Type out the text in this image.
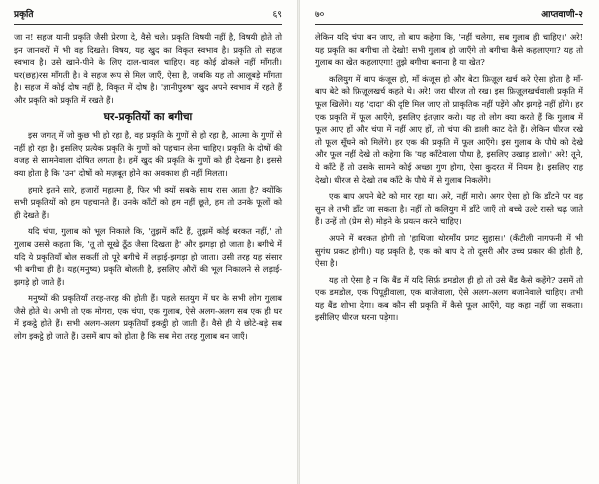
प्रकृति	६९

जा न! सहज यानी प्रकृति जैसी प्रेरणा दे, वैसे चले। प्रकृति विषयी नहीं है, विषयी होते तो इन जानवरों में भी वह दिखते। विषय, यह खुद का विकृत स्वभाव है। प्रकृति तो सहज स्वभाव है। उसे खाने-पीने के लिए दाल-चावल चाहिए। वह कोई ढोकले नहीं माँगती। घर(छह)रस माँगती है। वे सहज रूप से मिल जाएँ, ऐसा है, जबकि यह तो आलूबड़े माँगता है। सहज में कोई दोष नहीं है, विकृत में दोष है। 'ज्ञानीपुरुष' खुद अपने स्वभाव में रहते हैं और प्रकृति को प्रकृति में रखते हैं।

घर-प्रकृतियों का बगीचा

इस जगत् में जो कुछ भी हो रहा है, वह प्रकृति के गुणों से हो रहा है, आत्मा के गुणों से नहीं हो रहा है। इसलिए प्रत्येक प्रकृति के गुणों को पहचान लेना चाहिए। प्रकृति के दोषों की वजह से सामनेवाला दोषित लगता है। हमें खुद की प्रकृति के गुणों को ही देखना है। इससे क्या होता है कि 'उन' दोषों को मज़बूत होने का अवकाश ही नहीं मिलता।

हमारे इतने सारे, हजारों महात्मा हैं, फिर भी क्यों सबके साथ रास आता है? क्योंकि सभी प्रकृतियों को हम पहचानते हैं। उनके काँटों को हम नहीं छूते, हम तो उनके फूलों को ही देखते हैं।

यदि चंपा, गुलाब को भूल निकाले कि, 'तुझमें काँटे हैं, तुझमें कोई बरकत नहीं,' तो गुलाब उससे कहता कि, 'तू तो सूखे ठूँठ जैसा दिखता है' और झगड़ा हो जाता है। बगीचे में यदि ये प्रकृतियाँ बोल सकतीं तो पूरे बगीचे में लड़ाई-झगड़ा हो जाता। उसी तरह यह संसार भी बगीचा ही है। यह(मनुष्य) प्रकृति बोलती है, इसलिए औरों की भूल निकालने से लड़ाई-झगड़े हो जाते हैं।

मनुष्यों की प्रकृतियाँ तरह-तरह की होती हैं। पहले सतयुग में घर के सभी लोग गुलाब जैसे होते थे। अभी तो एक मोगरा, एक चंपा, एक गुलाब, ऐसे अलग-अलग सब एक ही घर में इकट्ठे होते हैं। सभी अलग-अलग प्रकृतियाँ इकट्ठी हो जाती हैं। वैसे ही ये छोटे-बड़े सब लोग इकट्ठे हो जाते हैं। उसमें बाप को होता है कि सब मेरा तरह गुलाब बन जाएँ।

७०	आप्तवाणी-२

लेकिन यदि चंपा बन जाए, तो बाप कहेगा कि, 'नहीं चलेगा, सब गुलाब ही चाहिए।' अरे! यह प्रकृति का बगीचा तो देखो! सभी गुलाब हो जाएँगे तो बगीचा कैसे कहलाएगा? यह तो गुलाब का खेत कहलाएगा! तुझे बगीचा बनाना है या खेत?

कलियुग में बाप कंजूस हो, माँ कंजूस हो और बेटा फ़िज़ूल खर्च करे ऐसा होता है माँ-बाप बेटे को फ़िज़ूलखर्च कहते थे। अरे! जरा धीरज तो रख। इस फ़िज़ूलखर्चवाली प्रकृति में फूल खिलेंगे। यह 'दादा' की दृष्टि मिल जाए तो प्राकृतिक नहीं पड़ेंगे और झगड़े नहीं होंगे। हर एक प्रकृति में फूल आएँगे, इसलिए इंतज़ार करो। यह तो लोग क्या करते हैं कि गुलाब में फूल आए हों और चंपा में नहीं आए हों, तो चंपा की डाली काट देते हैं। लेकिन धीरज रखे तो फूल सूँघने को मिलेंगे। हर एक की प्रकृति में फूल आएँगे। इस गुलाब के पौधे को देखे और फूल नहीं देखे तो कहेगा कि 'यह काँटेवाला पौधा है, इसलिए उखाड़ डालो।' अरे! तूने, ये काँटे हैं तो उसके सामने कोई अच्छा गुण होगा, ऐसा कुदरत में नियम है। इसलिए राह देखो। धीरज से देखो तब काँटे के पौधे में से गुलाब निकलेंगे।

एक बाप अपने बेटे को मार रहा था। अरे, नहीं मारो। अगर ऐसा हो कि डाँटने पर वह सुन ले तभी डाँट जा सकता है। नहीं तो कलियुग में डाँटे जाएँ तो बच्चे उल्टे रास्ते चढ़ जाते हैं। उन्हें तो (प्रेम से) मोड़ने के प्रयत्न करने चाहिए।

अपने में बरकत होगी तो 'हाथिजा थोरमाँय प्रगट सुहास।' (कँटीली नागफनी में भी सुगंध प्रकट होगी।) यह प्रकृति है, एक को बाप दे तो दूसरी और उच्च प्रकार की होती है, ऐसा है।

यह तो ऐसा है न कि बैंड में यदि सिर्फ़ डमडोल ही हो तो उसे बैंड कैसे कहेंगे? उसमें तो एक डमडोल, एक पिपूड़ीवाला, एक बाजेवाला, ऐसे अलग-अलग बजानेवाले चाहिए। तभी यह बैंड शोभा देगा। कब कौन सी प्रकृति में कैसे फूल आएँगे, यह कहा नहीं जा सकता। इसीलिए धीरज धरना पड़ेगा।
